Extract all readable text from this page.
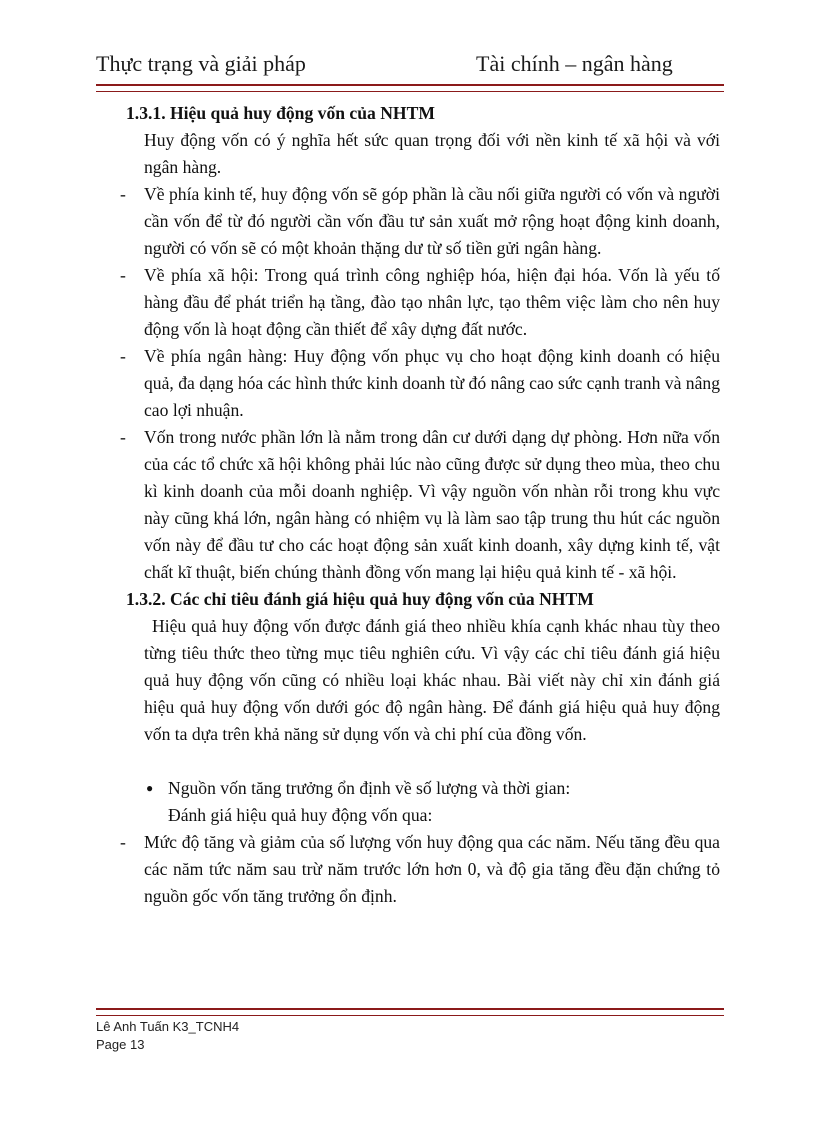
Thực trạng và giải pháp	Tài chính – ngân hàng

1.3.1. Hiệu quả huy động vốn của NHTM

Huy động vốn có ý nghĩa hết sức quan trọng đối với nền kinh tế xã hội và với ngân hàng.

- Về phía kinh tế, huy động vốn sẽ góp phần là cầu nối giữa người có vốn và người cần vốn để từ đó người cần vốn đầu tư sản xuất mở rộng hoạt động kinh doanh, người có vốn sẽ có một khoản thặng dư từ số tiền gửi ngân hàng.

- Về phía xã hội: Trong quá trình công nghiệp hóa, hiện đại hóa. Vốn là yếu tố hàng đầu để phát triển hạ tầng, đào tạo nhân lực, tạo thêm việc làm cho nên huy động vốn là hoạt động cần thiết để xây dựng đất nước.

- Về phía ngân hàng: Huy động vốn phục vụ cho hoạt động kinh doanh có hiệu quả, đa dạng hóa các hình thức kinh doanh từ đó nâng cao sức cạnh tranh và nâng cao lợi nhuận.

- Vốn trong nước phần lớn là nằm trong dân cư dưới dạng dự phòng. Hơn nữa vốn của các tổ chức xã hội không phải lúc nào cũng được sử dụng theo mùa, theo chu kì kinh doanh của mỗi doanh nghiệp. Vì vậy nguồn vốn nhàn rỗi trong khu vực này cũng khá lớn, ngân hàng có nhiệm vụ là làm sao tập trung thu hút các nguồn vốn này để đầu tư cho các hoạt động sản xuất kinh doanh, xây dựng kinh tế, vật chất kĩ thuật, biến chúng thành đồng vốn mang lại hiệu quả kinh tế - xã hội.

1.3.2. Các chỉ tiêu đánh giá hiệu quả huy động vốn của NHTM

Hiệu quả huy động vốn được đánh giá theo nhiều khía cạnh khác nhau tùy theo từng tiêu thức theo từng mục tiêu nghiên cứu. Vì vậy các chỉ tiêu đánh giá hiệu quả huy động vốn cũng có nhiều loại khác nhau. Bài viết này chỉ xin đánh giá hiệu quả huy động vốn dưới góc độ ngân hàng. Để đánh giá hiệu quả huy động vốn ta dựa trên khả năng sử dụng vốn và chi phí của đồng vốn.

● Nguồn vốn tăng trưởng ổn định về số lượng và thời gian:

Đánh giá hiệu quả huy động vốn qua:

- Mức độ tăng và giảm của số lượng vốn huy động qua các năm. Nếu tăng đều qua các năm tức năm sau trừ năm trước lớn hơn 0, và độ gia tăng đều đặn chứng tỏ nguồn gốc vốn tăng trưởng ổn định.

Lê Anh Tuấn K3_TCNH4
Page 13
